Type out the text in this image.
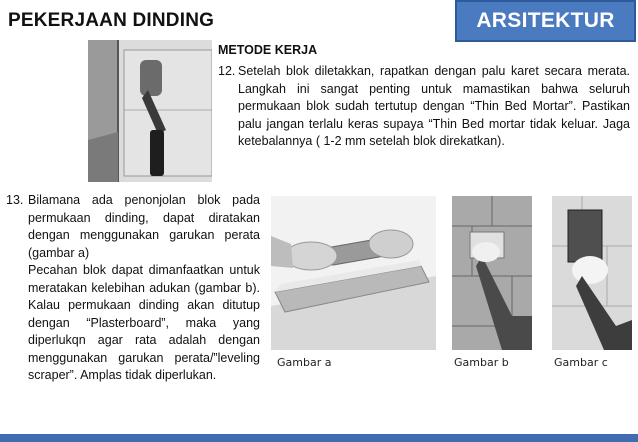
PEKERJAAN DINDING	ARSITEKTUR
METODE KERJA
12. Setelah blok diletakkan, rapatkan dengan palu karet secara merata. Langkah ini sangat penting untuk mamastikan bahwa seluruh permukaan blok sudah tertutup dengan “Thin Bed Mortar”. Pastikan palu jangan terlalu keras supaya “Thin Bed mortar tidak keluar. Jaga ketebalannya ( 1-2 mm setelah blok direkatkan).
13. Bilamana ada penonjolan blok pada permukaan dinding, dapat diratakan dengan menggunakan garukan perata (gambar a)

Pecahan blok dapat dimanfaatkan untuk meratakan kelebihan adukan (gambar b). Kalau permukaan dinding akan ditutup dengan “Plasterboard”, maka yang diperlukqn agar rata adalah dengan menggunakan garukan perata/”leveling scraper”. Amplas tidak diperlukan.

Gambar a	Gambar b	Gambar c
